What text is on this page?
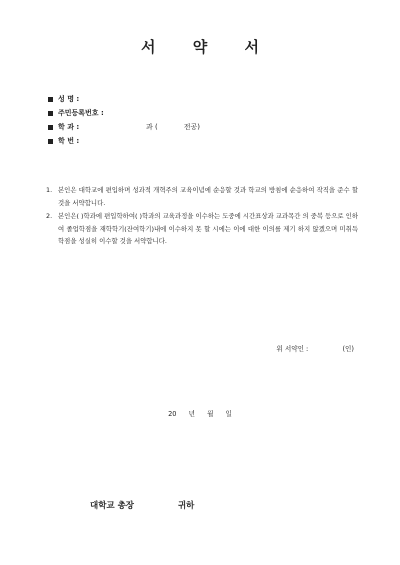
서 약 서
성 명 :
주민등록번호 :
학 과 :	과 (	전공)
학 번 :
1. 본인은 대학교에 편입하며 성과적 개혁주의 교육이념에 순응할 것과 학교의 방침에 순응하여 작직을 준수 할 것을 서약합니다.
2. 본인은( )학과에 편입학하여( )학과의 교육과정을 이수하는 도중에 시간표상과 교과목간 의 중복 등으로 인하여 졸업학점을 재학학기(잔여학기)내에 이수하지 못 할 시에는 이에 대한 이의를 제기 하지 않겠으며 미취득학점을 성실히 이수할 것을 서약합니다.
위 서약인 :	(인)
20 년 월 일
대학교 총장	귀하
